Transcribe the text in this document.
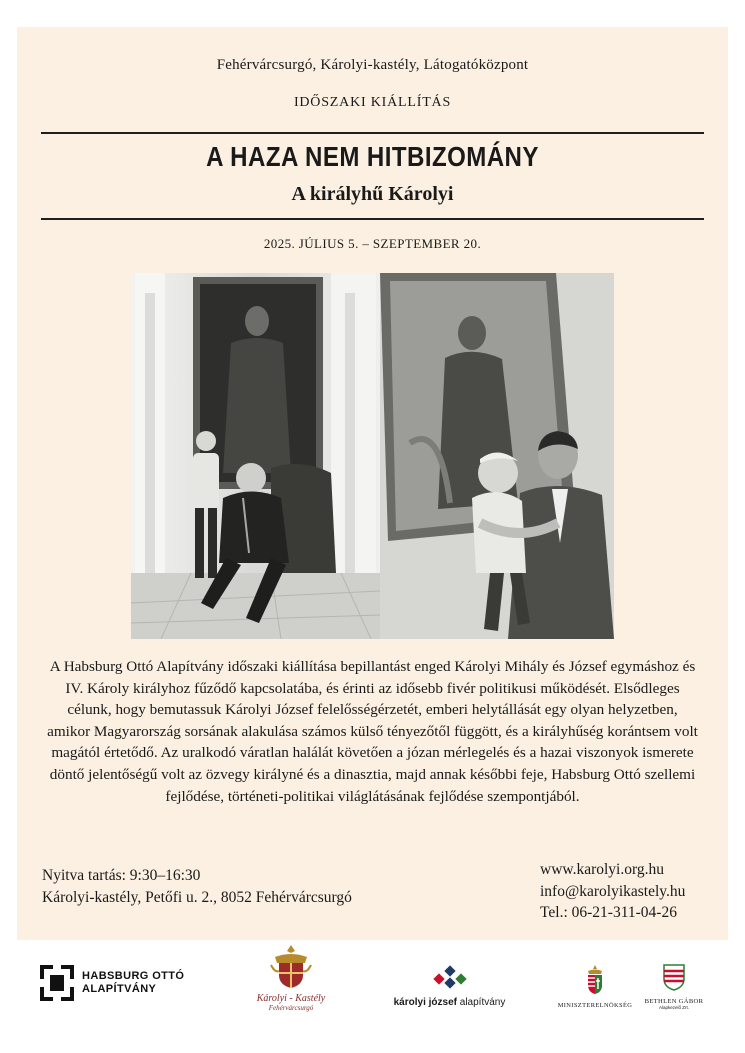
Fehérvárcsurgó, Károlyi-kastély, Látogatóközpont
IDŐSZAKI KIÁLLÍTÁS
A HAZA NEM HITBIZOMÁNY
A királyhű Károlyi
2025. JÚLIUS 5. – SZEPTEMBER 20.
A Habsburg Ottó Alapítvány időszaki kiállítása bepillantást enged Károlyi Mihály és József egymáshoz és IV. Károly királyhoz fűződő kapcsolatába, és érinti az idősebb fivér politikusi működését. Elsődleges célunk, hogy bemutassuk Károlyi József felelősségérzetét, emberi helytállását egy olyan helyzetben, amikor Magyarország sorsának alakulása számos külső tényezőtől függött, és a királyhűség korántsem volt magától értetődő. Az uralkodó váratlan halálát követően a józan mérlegelés és a hazai viszonyok ismerete döntő jelentőségű volt az özvegy királyné és a dinasztia, majd annak későbbi feje, Habsburg Ottó szellemi fejlődése, történeti-politikai világlátásának fejlődése szempontjából.
Nyitva tartás: 9:30–16:30
Károlyi-kastély, Petőfi u. 2., 8052 Fehérvárcsurgó
www.karolyi.org.hu
info@karolyikastely.hu
Tel.: 06-21-311-04-26
HABSBURG OTTÓ
ALAPÍTVÁNY
Károlyi - Kastély
Fehérvárcsurgó	károlyi józsef alapítvány	MINISZTERELNÖKSÉG
BETHLEN GÁBOR
Alapkezelő Zrt.
